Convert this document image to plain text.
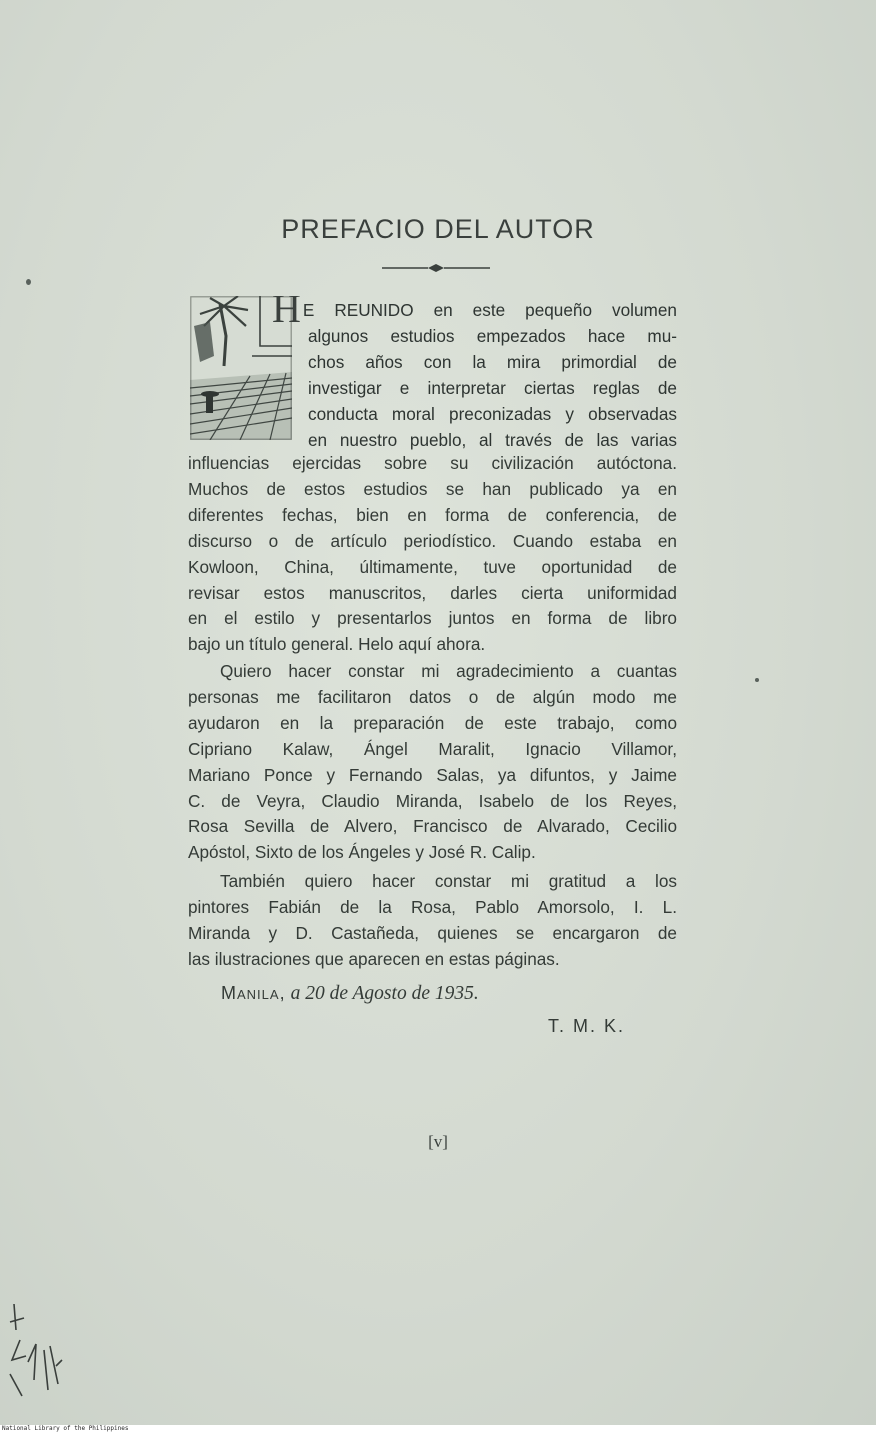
PREFACIO DEL AUTOR
H E REUNIDO en este pequeño volumen
algunos estudios empezados hace mu-
chos años con la mira primordial de
investigar e interpretar ciertas reglas de
conducta moral preconizadas y observadas
en nuestro pueblo, al través de las varias
influencias ejercidas sobre su civilización autóctona.
Muchos de estos estudios se han publicado ya en
diferentes fechas, bien en forma de conferencia, de
discurso o de artículo periodístico. Cuando estaba en
Kowloon, China, últimamente, tuve oportunidad de
revisar estos manuscritos, darles cierta uniformidad
en el estilo y presentarlos juntos en forma de libro
bajo un título general. Helo aquí ahora.
Quiero hacer constar mi agradecimiento a cuantas
personas me facilitaron datos o de algún modo me
ayudaron en la preparación de este trabajo, como
Cipriano Kalaw, Ángel Maralit, Ignacio Villamor,
Mariano Ponce y Fernando Salas, ya difuntos, y Jaime
C. de Veyra, Claudio Miranda, Isabelo de los Reyes,
Rosa Sevilla de Alvero, Francisco de Alvarado, Cecilio
Apóstol, Sixto de los Ángeles y José R. Calip.
También quiero hacer constar mi gratitud a los
pintores Fabián de la Rosa, Pablo Amorsolo, I. L.
Miranda y D. Castañeda, quienes se encargaron de
las ilustraciones que aparecen en estas páginas.
Manila, a 20 de Agosto de 1935.
T. M. K.
[v]
National Library of the Philippines
